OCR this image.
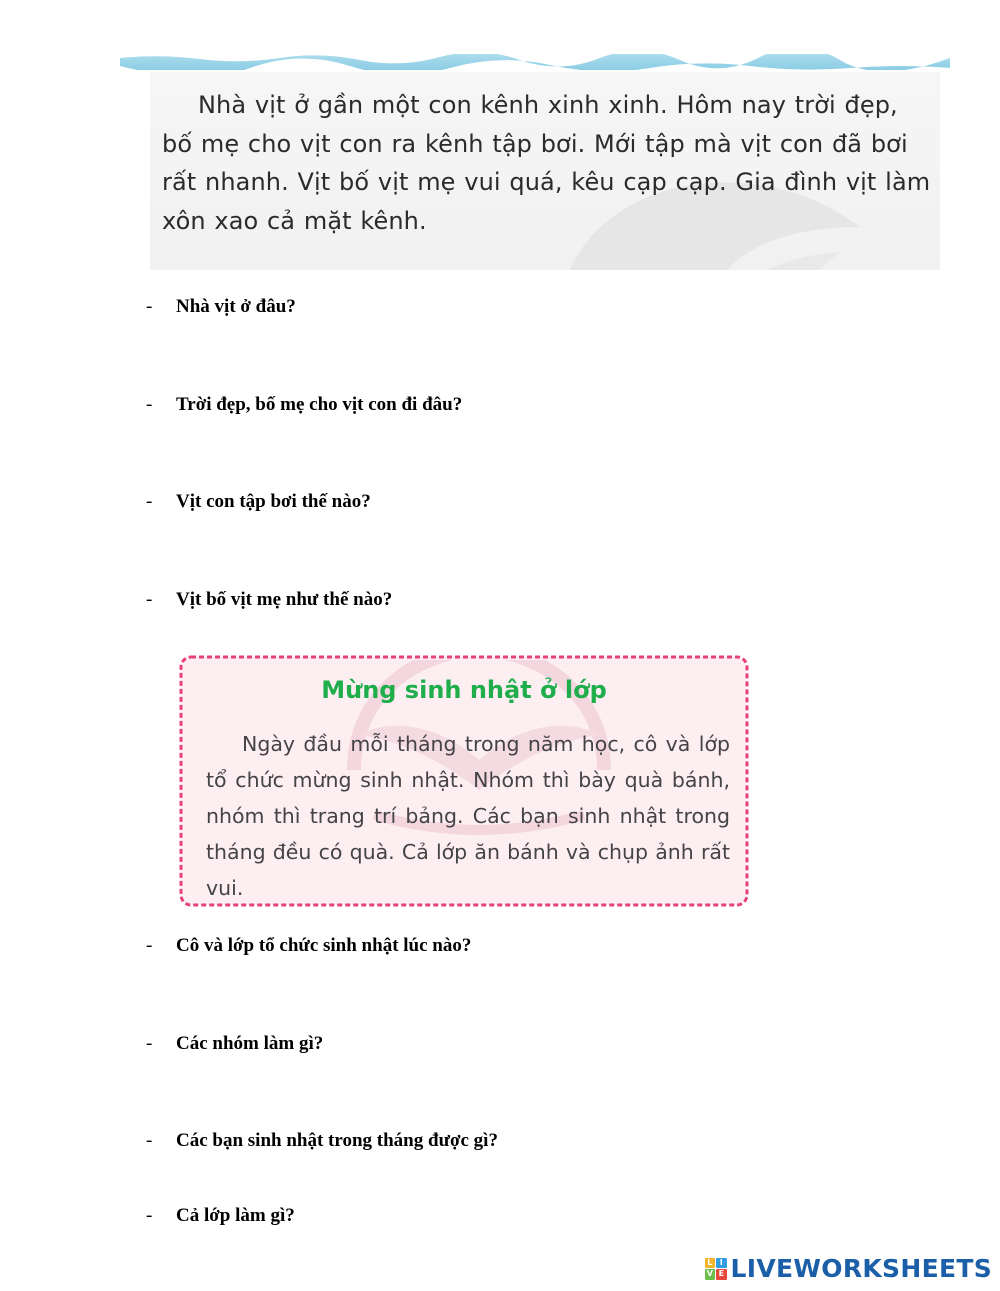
Nhà vịt ở gần một con kênh xinh xinh. Hôm nay trời đẹp, bố mẹ cho vịt con ra kênh tập bơi. Mới tập mà vịt con đã bơi rất nhanh. Vịt bố vịt mẹ vui quá, kêu cạp cạp. Gia đình vịt làm xôn xao cả mặt kênh.

-	Nhà vịt ở đâu?
-	Trời đẹp, bố mẹ cho vịt con đi đâu?
-	Vịt con tập bơi thế nào?
-	Vịt bố vịt mẹ như thế nào?

Mừng sinh nhật ở lớp

Ngày đầu mỗi tháng trong năm học, cô và lớp tổ chức mừng sinh nhật. Nhóm thì bày quà bánh, nhóm thì trang trí bảng. Các bạn sinh nhật trong tháng đều có quà. Cả lớp ăn bánh và chụp ảnh rất vui.

-	Cô và lớp tổ chức sinh nhật lúc nào?
-	Các nhóm làm gì?
-	Các bạn sinh nhật trong tháng được gì?
-	Cả lớp làm gì?
L I
V E LIVEWORKSHEETS
